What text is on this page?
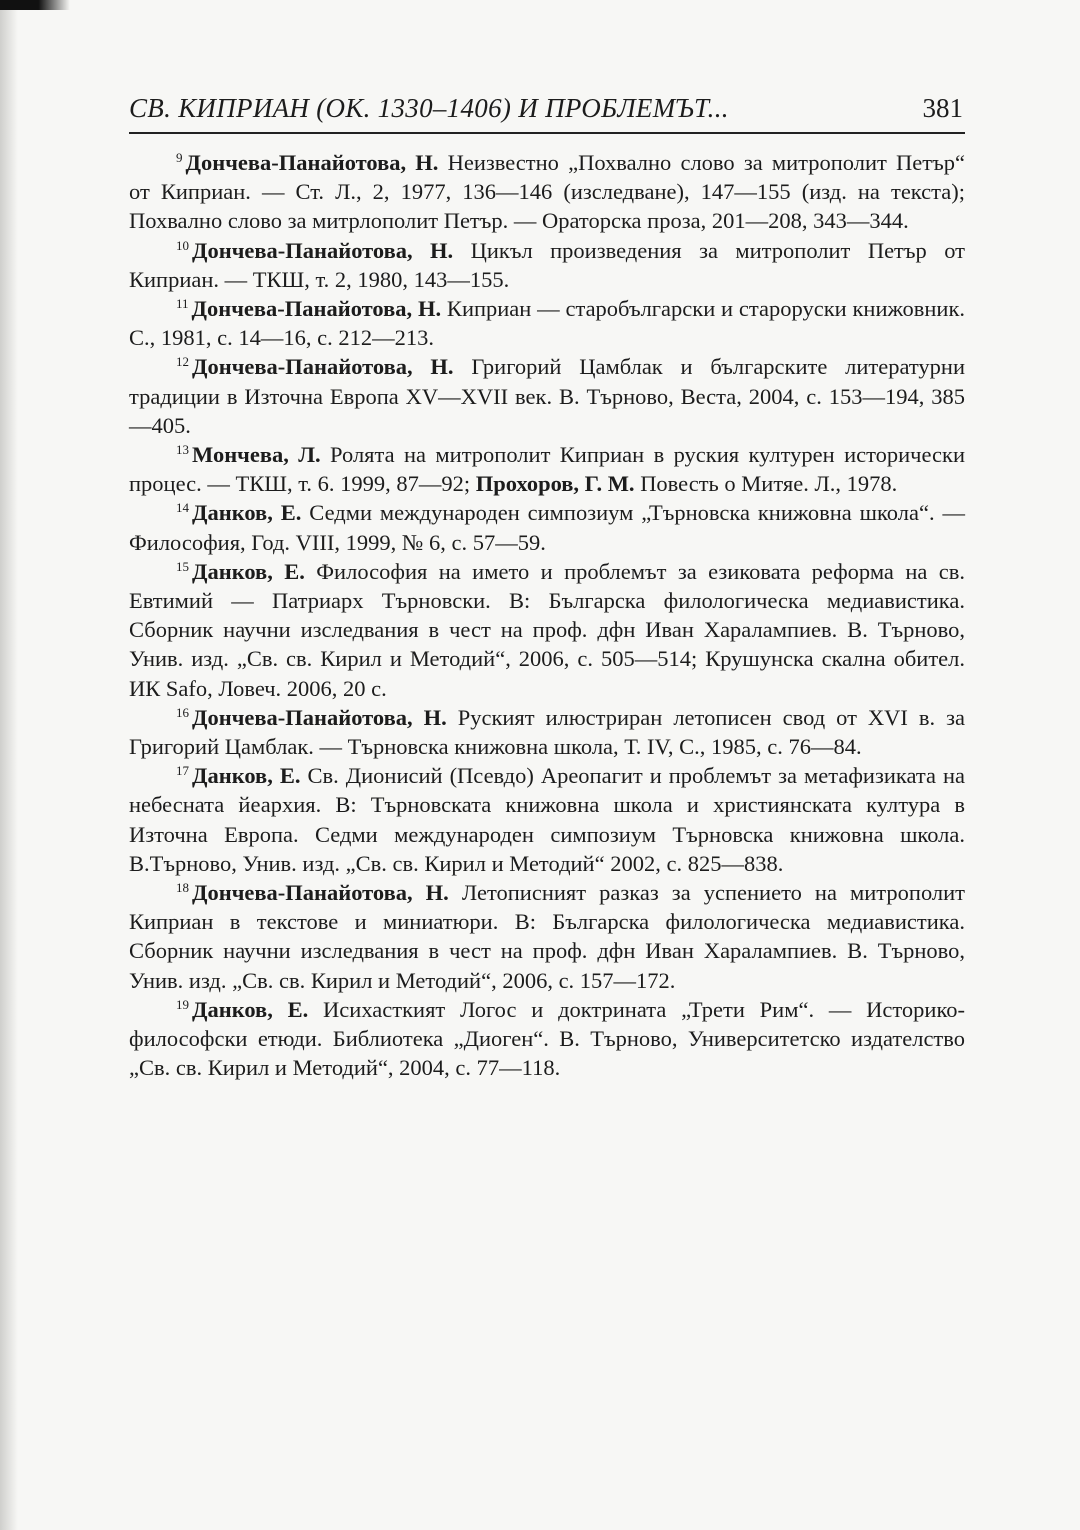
СВ. КИПРИАН (ОК. 1330–1406) И ПРОБЛЕМЪТ...	381

$^9$ Дончева-Панайотова, Н. Неизвестно „Похвално слово за митрополит Петър“ от Киприан. — Ст. Л., 2, 1977, 136—146 (изследване), 147—155 (изд. на текста); Похвално слово за митрлополит Петър. — Ораторска проза, 201—208, 343—344.

$^{10}$ Дончева-Панайотова, Н. Цикъл произведения за митрополит Петър от Киприан. — ТКШ, т. 2, 1980, 143—155.

$^{11}$ Дончева-Панайотова, Н. Киприан — старобългарски и староруски книжовник. С., 1981, с. 14—16, с. 212—213.

$^{12}$ Дончева-Панайотова, Н. Григорий Цамблак и българските литературни традиции в Източна Европа XV—XVII век. В. Търново, Веста, 2004, с. 153—194, 385—405.

$^{13}$ Мончева, Л. Ролята на митрополит Киприан в руския културен исторически процес. — ТКШ, т. 6. 1999, 87—92; Прохоров, Г. М. Повесть о Митяе. Л., 1978.

$^{14}$ Данков, Е. Седми международен симпозиум „Търновска книжовна школа“. — Философия, Год. VIII, 1999, № 6, с. 57—59.

$^{15}$ Данков, Е. Философия на името и проблемът за езиковата реформа на св. Евтимий — Патриарх Търновски. В: Българска филологическа медиавистика. Сборник научни изследвания в чест на проф. дфн Иван Харалампиев. В. Търново, Унив. изд. „Св. св. Кирил и Методий“, 2006, с. 505—514; Крушунска скална обител. ИК Safo, Ловеч. 2006, 20 с.

$^{16}$ Дончева-Панайотова, Н. Руският илюстриран летописен свод от XVI в. за Григорий Цамблак. — Търновска книжовна школа, Т. IV, С., 1985, с. 76—84.

$^{17}$ Данков, Е. Св. Дионисий (Псевдо) Ареопагит и проблемът за метафизиката на небесната йеархия. В: Търновската книжовна школа и християнската култура в Източна Европа. Седми международен симпозиум Търновска книжовна школа. В.Търново, Унив. изд. „Св. св. Кирил и Методий“ 2002, с. 825—838.

$^{18}$ Дончева-Панайотова, Н. Летописният разказ за успението на митрополит Киприан в текстове и миниатюри. В: Българска филологическа медиавистика. Сборник научни изследвания в чест на проф. дфн Иван Харалампиев. В. Търново, Унив. изд. „Св. св. Кирил и Методий“, 2006, с. 157—172.

$^{19}$ Данков, Е. Исихасткият Логос и доктрината „Трети Рим“. — Историко-философски етюди. Библиотека „Диоген“. В. Търново, Университетско издателство „Св. св. Кирил и Методий“, 2004, с. 77—118.
